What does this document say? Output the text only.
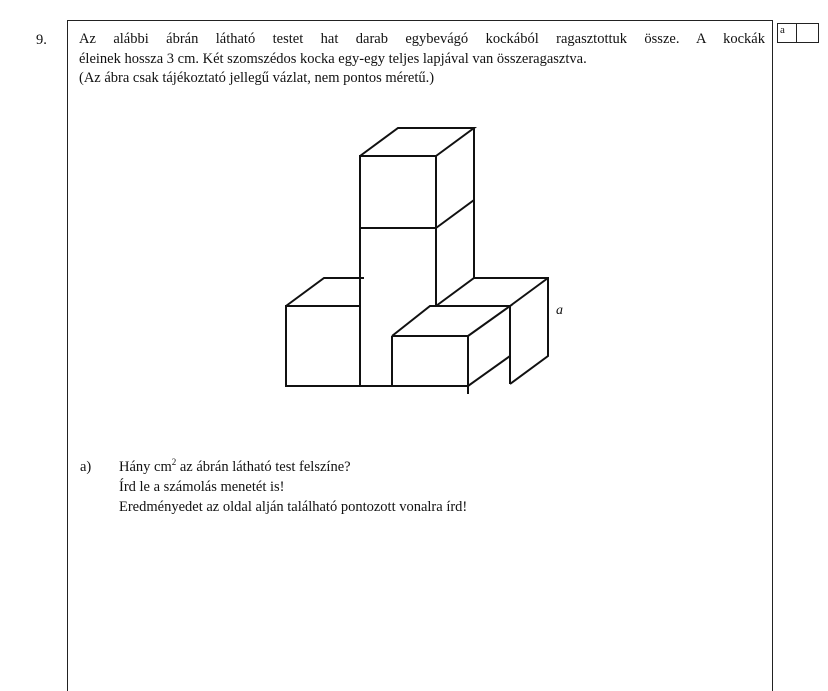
9.
a

Az alábbi ábrán látható testet hat darab egybevágó kockából ragasztottuk össze. A kockák

éleinek hossza 3 cm. Két szomszédos kocka egy-egy teljes lapjával van összeragasztva.

(Az ábra csak tájékoztató jellegű vázlat, nem pontos méretű.)

a
a) Hány $cm^2$ az ábrán látható test felszíne?

Írd le a számolás menetét is!

Eredményedet az oldal alján található pontozott vonalra írd!
